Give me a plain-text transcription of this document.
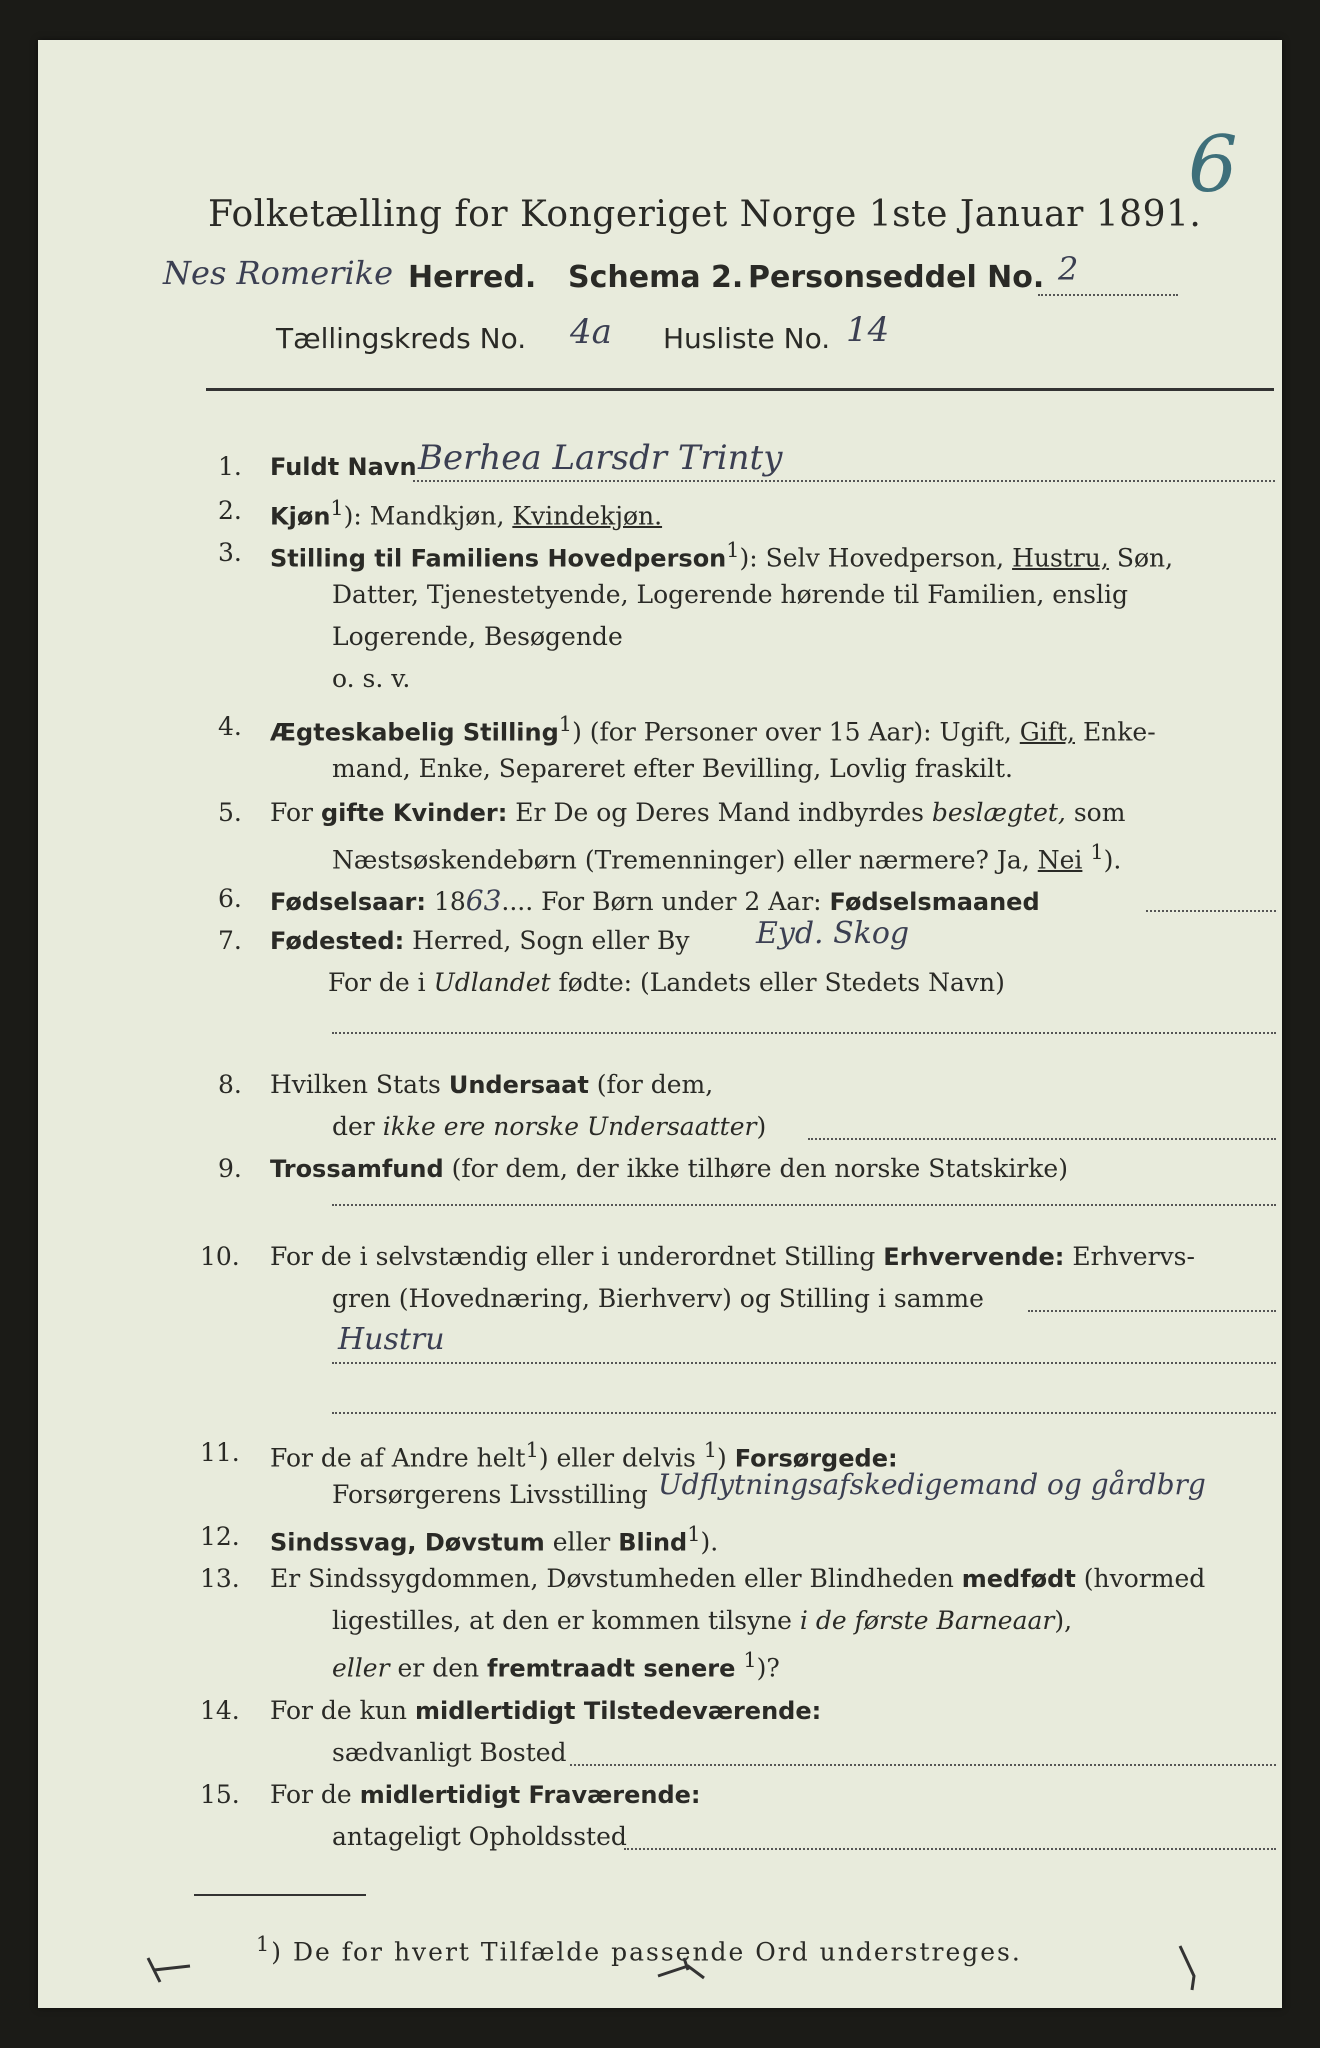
6
Folketælling for Kongeriget Norge 1ste Januar 1891.
Nes Romerike Herred. Schema 2. Personseddel No. 2
Tællingskreds No. 4a Husliste No. 14
1. Fuldt Navn Berhea Larsdr Trinty
2. Kjøn$^1$): Mandkjøn, Kvindekjøn.
3. Stilling til Familiens Hovedperson$^1$): Selv Hovedperson, Hustru, Søn,
Datter, Tjenestetyende, Logerende hørende til Familien, enslig
Logerende, Besøgende
o. s. v.
4. Ægteskabelig Stilling$^1$) (for Personer over 15 Aar): Ugift, Gift, Enke-
mand, Enke, Separeret efter Bevilling, Lovlig fraskilt.
5. For gifte Kvinder: Er De og Deres Mand indbyrdes beslægtet, som
Næstsøskendebørn (Tremenninger) eller nærmere? Ja, Nei $^1$).
6. Fødselsaar: 1863.... For Børn under 2 Aar: Fødselsmaaned
7. Fødested: Herred, Sogn eller By Eyd. Skog
For de i Udlandet fødte: (Landets eller Stedets Navn)
8. Hvilken Stats Undersaat (for dem,
der ikke ere norske Undersaatter)
9. Trossamfund (for dem, der ikke tilhøre den norske Statskirke)
10. For de i selvstændig eller i underordnet Stilling Erhvervende: Erhvervs-
gren (Hovednæring, Bierhverv) og Stilling i samme
Hustru
11. For de af Andre helt$^1$) eller delvis $^1$) Forsørgede:
Forsørgerens Livsstilling Udflytningsafskedigemand og gårdbrg
12. Sindssvag, Døvstum eller Blind$^1$).
13. Er Sindssygdommen, Døvstumheden eller Blindheden medfødt (hvormed
ligestilles, at den er kommen tilsyne i de første Barneaar),
eller er den fremtraadt senere $^1$)?
14. For de kun midlertidigt Tilstedeværende:
sædvanligt Bosted
15. For de midlertidigt Fraværende:
antageligt Opholdssted
$^1$) De for hvert Tilfælde passende Ord understreges.
